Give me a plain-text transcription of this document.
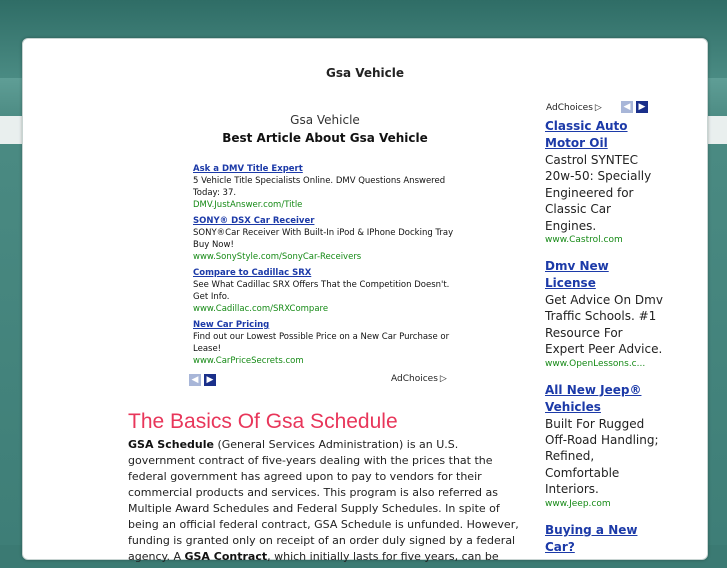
Gsa Vehicle
Gsa Vehicle
Best Article About Gsa Vehicle
Ask a DMV Title Expert
5 Vehicle Title Specialists Online. DMV Questions Answered Today: 37.
DMV.JustAnswer.com/Title
SONY® DSX Car Receiver
SONY®Car Receiver With Built-In iPod & IPhone Docking Tray Buy Now!
www.SonyStyle.com/SonyCar-Receivers
Compare to Cadillac SRX
See What Cadillac SRX Offers That the Competition Doesn't. Get Info.
www.Cadillac.com/SRXCompare
New Car Pricing
Find out our Lowest Possible Price on a New Car Purchase or Lease!
www.CarPriceSecrets.com
◀ ▶	AdChoices ▷
The Basics Of Gsa Schedule
GSA Schedule (General Services Administration) is an U.S. government contract of five-years dealing with the prices that the federal government has agreed upon to pay to vendors for their commercial products and services. This program is also referred as Multiple Award Schedules and Federal Supply Schedules. In spite of being an official federal contract, GSA Schedule is unfunded. However, funding is granted only on receipt of an order duly signed by a federal agency. A GSA Contract, which initially lasts for five years, can be
AdChoices ▷ ◀ ▶
Classic Auto Motor Oil
Castrol SYNTEC 20w-50: Specially Engineered for Classic Car Engines.
www.Castrol.com
Dmv New License
Get Advice On Dmv Traffic Schools. #1 Resource For Expert Peer Advice.
www.OpenLessons.c...
All New Jeep® Vehicles
Built For Rugged Off-Road Handling; Refined, Comfortable Interiors.
www.Jeep.com
Buying a New Car?
